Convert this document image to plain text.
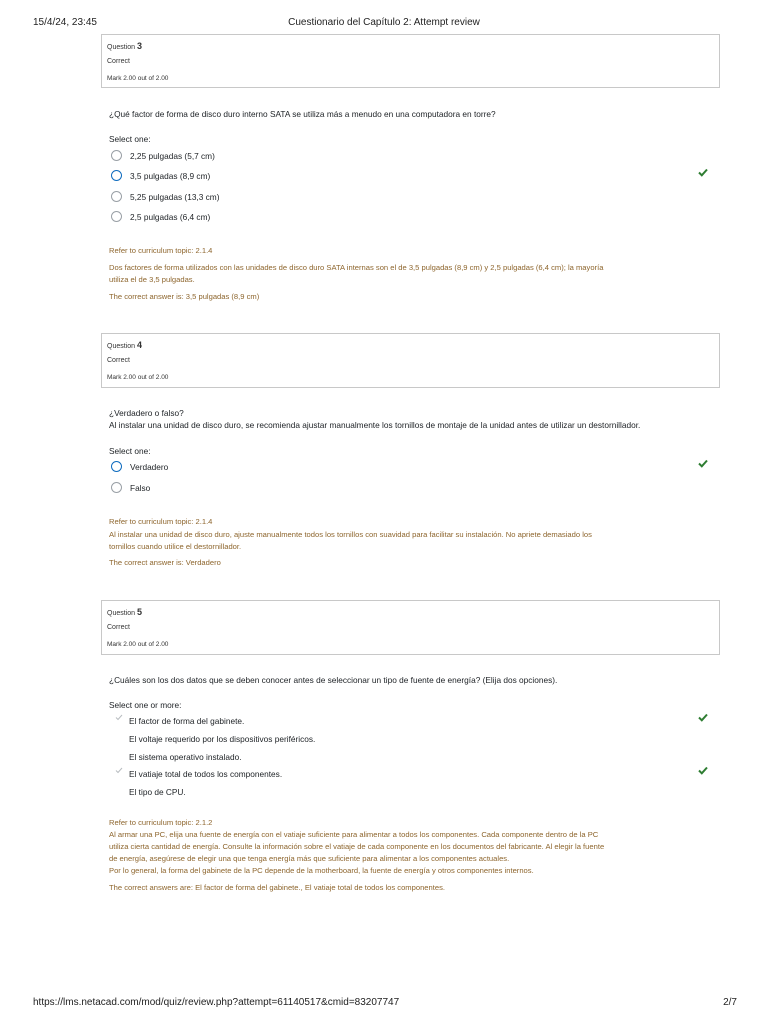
15/4/24, 23:45	Cuestionario del Capítulo 2: Attempt review
Question 3
Correct
Mark 2.00 out of 2.00
¿Qué factor de forma de disco duro interno SATA se utiliza más a menudo en una computadora en torre?
Select one:
2,25 pulgadas (5,7 cm)
3,5 pulgadas (8,9 cm)
5,25 pulgadas (13,3 cm)
2,5 pulgadas (6,4 cm)
Refer to curriculum topic: 2.1.4
Dos factores de forma utilizados con las unidades de disco duro SATA internas son el de 3,5 pulgadas (8,9 cm) y 2,5 pulgadas (6,4 cm); la mayoría
utiliza el de 3,5 pulgadas.
The correct answer is: 3,5 pulgadas (8,9 cm)
Question 4
Correct
Mark 2.00 out of 2.00
¿Verdadero o falso?
Al instalar una unidad de disco duro, se recomienda ajustar manualmente los tornillos de montaje de la unidad antes de utilizar un destornillador.
Select one:
Verdadero
Falso
Refer to curriculum topic: 2.1.4
Al instalar una unidad de disco duro, ajuste manualmente todos los tornillos con suavidad para facilitar su instalación. No apriete demasiado los
tornillos cuando utilice el destornillador.
The correct answer is: Verdadero
Question 5
Correct
Mark 2.00 out of 2.00
¿Cuáles son los dos datos que se deben conocer antes de seleccionar un tipo de fuente de energía? (Elija dos opciones).
Select one or more:
El factor de forma del gabinete.
El voltaje requerido por los dispositivos periféricos.
El sistema operativo instalado.
El vatiaje total de todos los componentes.
El tipo de CPU.
Refer to curriculum topic: 2.1.2
Al armar una PC, elija una fuente de energía con el vatiaje suficiente para alimentar a todos los componentes. Cada componente dentro de la PC
utiliza cierta cantidad de energía. Consulte la información sobre el vatiaje de cada componente en los documentos del fabricante. Al elegir la fuente
de energía, asegúrese de elegir una que tenga energía más que suficiente para alimentar a los componentes actuales.
Por lo general, la forma del gabinete de la PC depende de la motherboard, la fuente de energía y otros componentes internos.
The correct answers are: El factor de forma del gabinete., El vatiaje total de todos los componentes.
https://lms.netacad.com/mod/quiz/review.php?attempt=61140517&cmid=83207747	2/7
